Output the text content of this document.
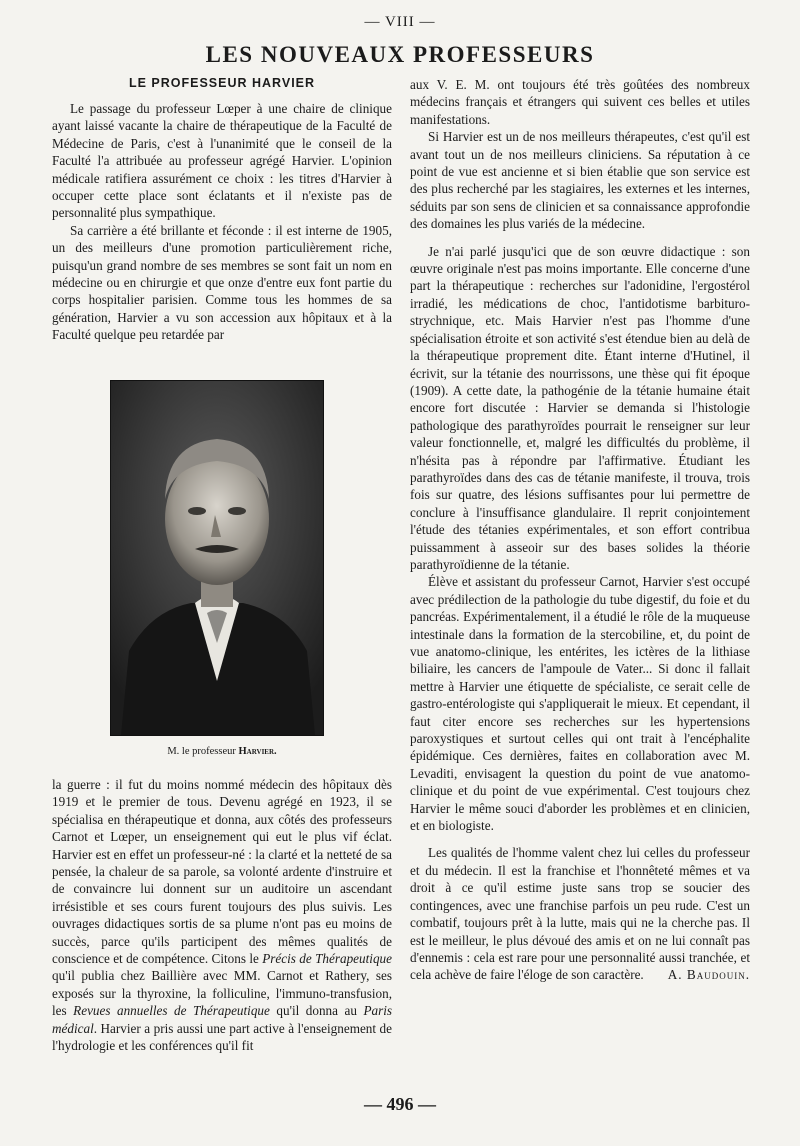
— VIII —
LES NOUVEAUX PROFESSEURS
LE PROFESSEUR HARVIER

Le passage du professeur Lœper à une chaire de clinique ayant laissé vacante la chaire de thérapeutique de la Faculté de Médecine de Paris, c'est à l'unanimité que le conseil de la Faculté l'a attribuée au professeur agrégé Harvier. L'opinion médicale ratifiera assurément ce choix : les titres d'Harvier à occuper cette place sont éclatants et il n'existe pas de personnalité plus sympathique.

Sa carrière a été brillante et féconde : il est interne de 1905, un des meilleurs d'une promotion particulièrement riche, puisqu'un grand nombre de ses membres se sont fait un nom en médecine ou en chirurgie et que onze d'entre eux font partie du corps hospitalier parisien. Comme tous les hommes de sa génération, Harvier a vu son accession aux hôpitaux et à la Faculté quelque peu retardée par

M. le professeur Harvier.

la guerre : il fut du moins nommé médecin des hôpitaux dès 1919 et le premier de tous. Devenu agrégé en 1923, il se spécialisa en thérapeutique et donna, aux côtés des professeurs Carnot et Lœper, un enseignement qui eut le plus vif éclat. Harvier est en effet un professeur-né : la clarté et la netteté de sa pensée, la chaleur de sa parole, sa volonté ardente d'instruire et de convaincre lui donnent sur un auditoire un ascendant irrésistible et ses cours furent toujours des plus suivis. Les ouvrages didactiques sortis de sa plume n'ont pas eu moins de succès, parce qu'ils participent des mêmes qualités de conscience et de compétence. Citons le Précis de Thérapeutique qu'il publia chez Baillière avec MM. Carnot et Rathery, ses exposés sur la thyroxine, la folliculine, l'immuno-transfusion, les Revues annuelles de Thérapeutique qu'il donna au Paris médical. Harvier a pris aussi une part active à l'enseignement de l'hydrologie et les conférences qu'il fit

aux V. E. M. ont toujours été très goûtées des nombreux médecins français et étrangers qui suivent ces belles et utiles manifestations.

Si Harvier est un de nos meilleurs thérapeutes, c'est qu'il est avant tout un de nos meilleurs cliniciens. Sa réputation à ce point de vue est ancienne et si bien établie que son service est des plus recherché par les stagiaires, les externes et les internes, séduits par son sens de clinicien et sa connaissance approfondie des domaines les plus variés de la médecine.

Je n'ai parlé jusqu'ici que de son œuvre didactique : son œuvre originale n'est pas moins importante. Elle concerne d'une part la thérapeutique : recherches sur l'adonidine, l'ergostérol irradié, les médications de choc, l'antidotisme barbituro-strychnique, etc. Mais Harvier n'est pas l'homme d'une spécialisation étroite et son activité s'est étendue bien au delà de la thérapeutique proprement dite. Étant interne d'Hutinel, il écrivit, sur la tétanie des nourrissons, une thèse qui fit époque (1909). A cette date, la pathogénie de la tétanie humaine était encore fort discutée : Harvier se demanda si l'histologie pathologique des parathyroïdes pourrait le renseigner sur leur valeur fonctionnelle, et, malgré les difficultés du problème, il n'hésita pas à répondre par l'affirmative. Étudiant les parathyroïdes dans des cas de tétanie manifeste, il trouva, trois fois sur quatre, des lésions suffisantes pour lui permettre de conclure à l'insuffisance glandulaire. Il reprit conjointement l'étude des tétanies expérimentales, et son effort contribua puissamment à asseoir sur des bases solides la théorie parathyroïdienne de la tétanie.

Élève et assistant du professeur Carnot, Harvier s'est occupé avec prédilection de la pathologie du tube digestif, du foie et du pancréas. Expérimentalement, il a étudié le rôle de la muqueuse intestinale dans la formation de la stercobiline, et, du point de vue anatomo-clinique, les entérites, les ictères de la lithiase biliaire, les cancers de l'ampoule de Vater... Si donc il fallait mettre à Harvier une étiquette de spécialiste, ce serait celle de gastro-entérologiste qui s'appliquerait le mieux. Et cependant, il faut citer encore ses recherches sur les hypertensions paroxystiques et surtout celles qui ont trait à l'encéphalite épidémique. Ces dernières, faites en collaboration avec M. Levaditi, envisagent la question du point de vue anatomo-clinique et du point de vue expérimental. C'est toujours chez Harvier le même souci d'aborder les problèmes et en clinicien, et en biologiste.

Les qualités de l'homme valent chez lui celles du professeur et du médecin. Il est la franchise et l'honnêteté mêmes et va droit à ce qu'il estime juste sans trop se soucier des contingences, avec une franchise parfois un peu rude. C'est un combatif, toujours prêt à la lutte, mais qui ne la cherche pas. Il est le meilleur, le plus dévoué des amis et on ne lui connaît pas d'ennemis : cela est rare pour une personnalité aussi tranchée, et cela achève de faire l'éloge de son caractère.	A. Baudouin.

— 496 —
